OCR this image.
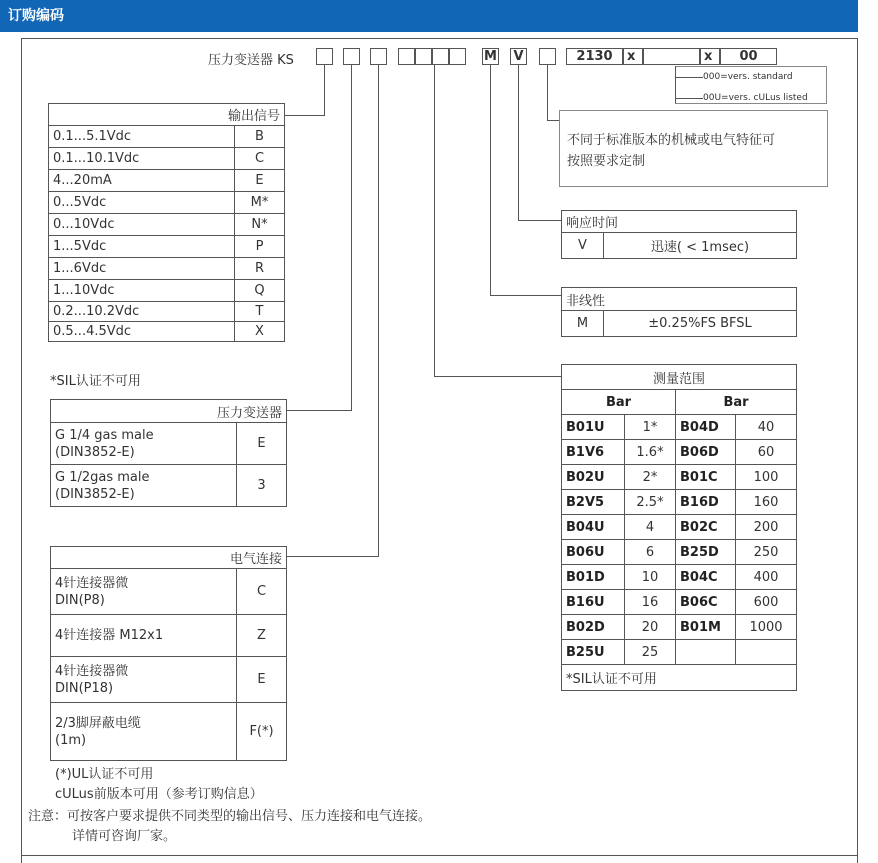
订购编码
压力变送器 KS	M V	2130	x	x	00
000=vers. standard
00U=vers. cULus listed
不同于标准版本的机械或电气特征可
按照要求定制
输出信号	
0.1...5.1Vdc	B
0.1...10.1Vdc	C
4...20mA	E
0...5Vdc	M*
0...10Vdc	N*
1...5Vdc	P
1...6Vdc	R
1...10Vdc	Q
0.2...10.2Vdc	T
0.5...4.5Vdc	X
*SIL认证不可用
压力变送器	
G 1/4 gas male
(DIN3852-E)	E
G 1/2gas male
(DIN3852-E)	3
电气连接	
4针连接器微
DIN(P8)	C
4针连接器 M12x1	Z
4针连接器微
DIN(P18)	E
2/3脚屏蔽电缆
(1m)	F(*)
(*)UL认证不可用
cULus前版本可用（参考订购信息）
响应时间
V	迅速( < 1msec)
非线性
M	±0.25%FS BFSL
测量范围			
Bar		Bar	
B01U	1*	B04D	40
B1V6	1.6*	B06D	60
B02U	2*	B01C	100
B2V5	2.5*	B16D	160
B04U	4	B02C	200
B06U	6	B25D	250
B01D	10	B04C	400
B16U	16	B06C	600
B02D	20	B01M	1000
B25U	25		
*SIL认证不可用			
注意：可按客户要求提供不同类型的输出信号、压力连接和电气连接。
详情可咨询厂家。
